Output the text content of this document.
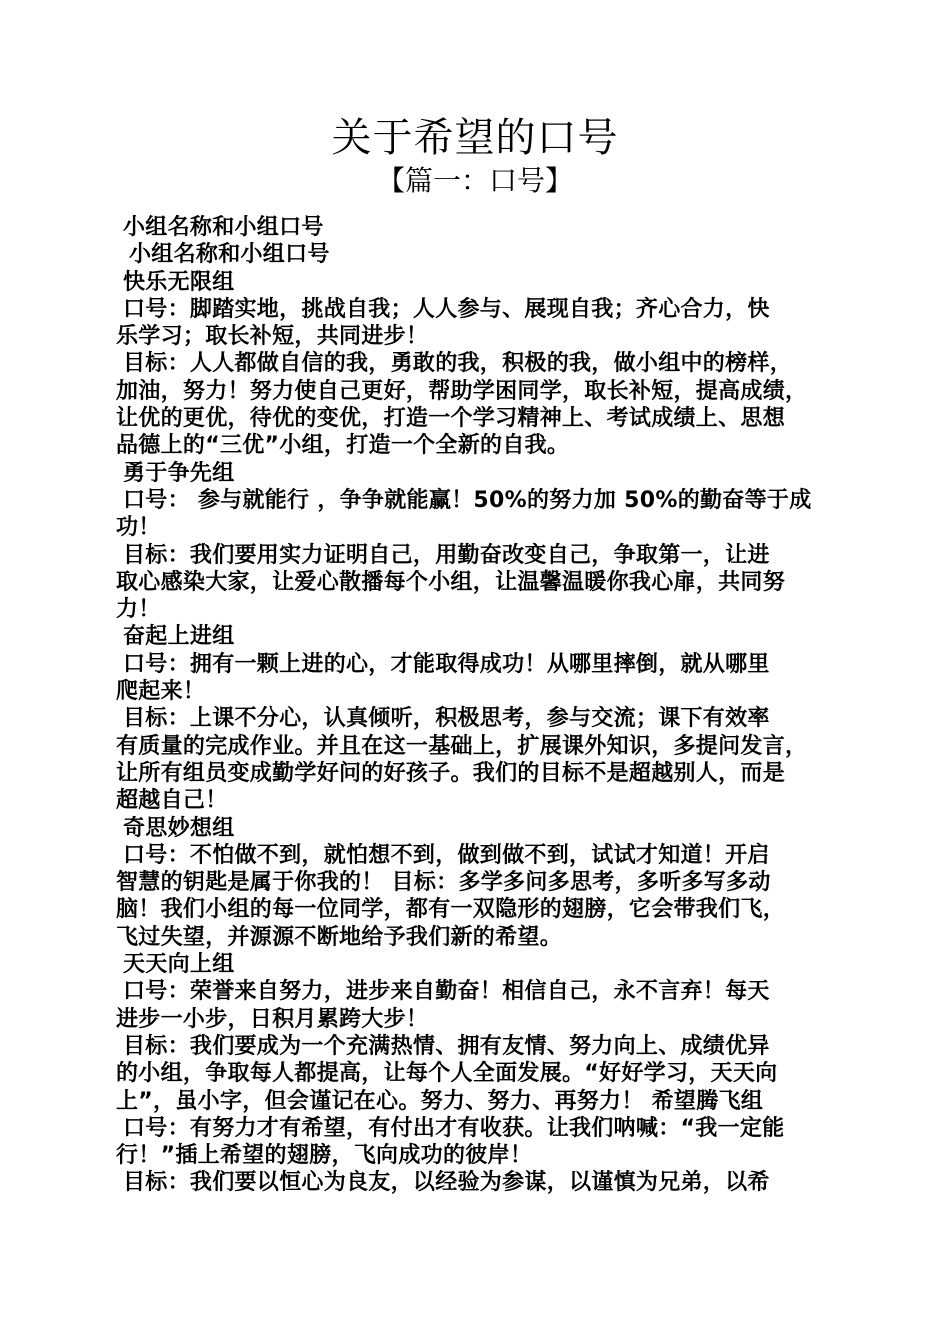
关于希望的口号
【篇一：口号】
小组名称和小组口号
小组名称和小组口号
快乐无限组
口号：脚踏实地，挑战自我；人人参与、展现自我；齐心合力，快
乐学习；取长补短，共同进步！
目标：人人都做自信的我，勇敢的我，积极的我，做小组中的榜样，
加油，努力！努力使自己更好，帮助学困同学，取长补短，提高成绩，
让优的更优，待优的变优，打造一个学习精神上、考试成绩上、思想
品德上的“三优”小组，打造一个全新的自我。
勇于争先组
口号： 参与就能行 ，争争就能赢！50%的努力加 50%的勤奋等于成
功！
目标：我们要用实力证明自己，用勤奋改变自己，争取第一，让进
取心感染大家，让爱心散播每个小组，让温馨温暖你我心扉，共同努
力！
奋起上进组
口号：拥有一颗上进的心，才能取得成功！从哪里摔倒，就从哪里
爬起来！
目标：上课不分心，认真倾听，积极思考，参与交流；课下有效率
有质量的完成作业。并且在这一基础上，扩展课外知识，多提问发言，
让所有组员变成勤学好问的好孩子。我们的目标不是超越别人，而是
超越自己！
奇思妙想组
口号：不怕做不到，就怕想不到，做到做不到，试试才知道！开启
智慧的钥匙是属于你我的！ 目标：多学多问多思考，多听多写多动
脑！我们小组的每一位同学，都有一双隐形的翅膀，它会带我们飞，
飞过失望，并源源不断地给予我们新的希望。
天天向上组
口号：荣誉来自努力，进步来自勤奋！相信自己，永不言弃！每天
进步一小步，日积月累跨大步！
目标：我们要成为一个充满热情、拥有友情、努力向上、成绩优异
的小组，争取每人都提高，让每个人全面发展。“好好学习，天天向
上”，虽小字，但会谨记在心。努力、努力、再努力！ 希望腾飞组
口号：有努力才有希望，有付出才有收获。让我们呐喊：“我一定能
行！”插上希望的翅膀，飞向成功的彼岸！
目标：我们要以恒心为良友，以经验为参谋，以谨慎为兄弟，以希
